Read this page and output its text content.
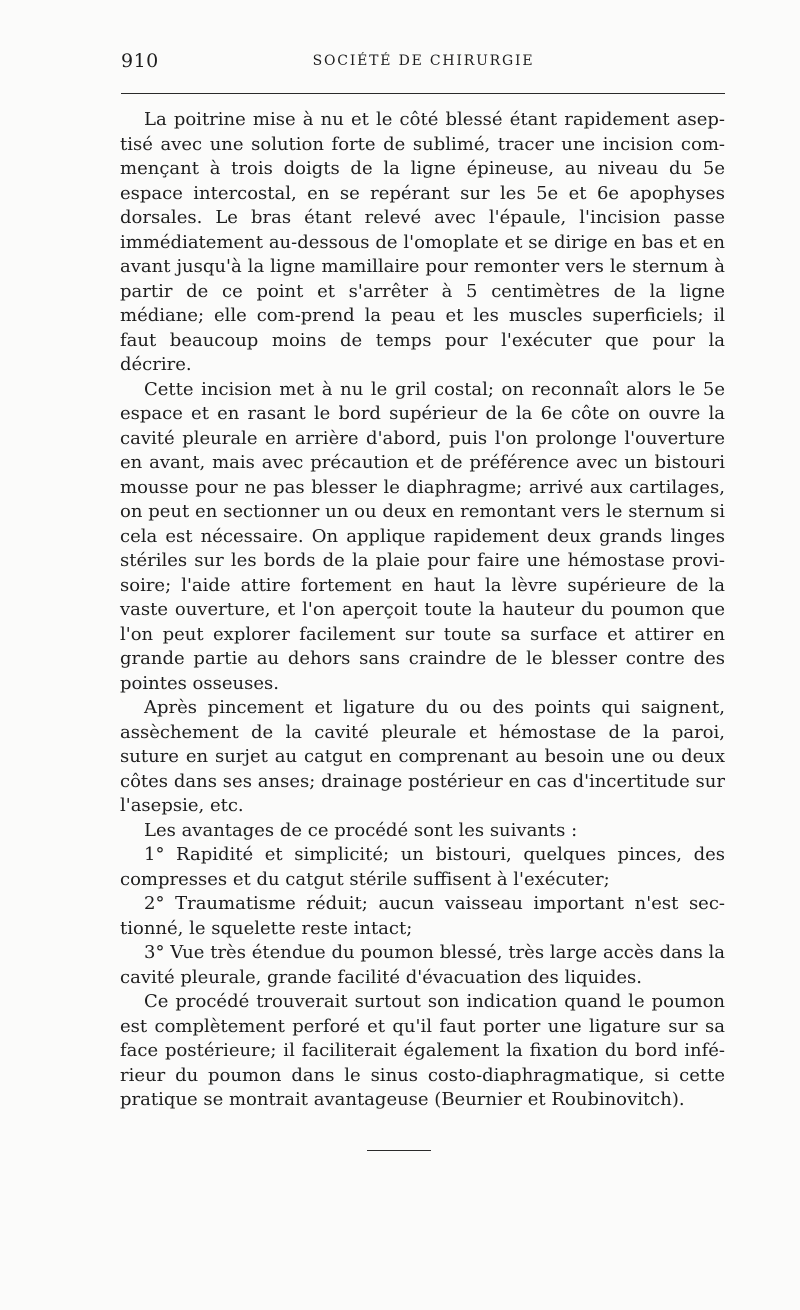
910	SOCIÉTÉ DE CHIRURGIE

La poitrine mise à nu et le côté blessé étant rapidement asep-tisé avec une solution forte de sublimé, tracer une incision com-mençant à trois doigts de la ligne épineuse, au niveau du 5e espace intercostal, en se repérant sur les 5e et 6e apophyses dorsales. Le bras étant relevé avec l'épaule, l'incision passe immédiatement au-dessous de l'omoplate et se dirige en bas et en avant jusqu'à la ligne mamillaire pour remonter vers le sternum à partir de ce point et s'arrêter à 5 centimètres de la ligne médiane; elle com-prend la peau et les muscles superficiels; il faut beaucoup moins de temps pour l'exécuter que pour la décrire.

Cette incision met à nu le gril costal; on reconnaît alors le 5e espace et en rasant le bord supérieur de la 6e côte on ouvre la cavité pleurale en arrière d'abord, puis l'on prolonge l'ouverture en avant, mais avec précaution et de préférence avec un bistouri mousse pour ne pas blesser le diaphragme; arrivé aux cartilages, on peut en sectionner un ou deux en remontant vers le sternum si cela est nécessaire. On applique rapidement deux grands linges stériles sur les bords de la plaie pour faire une hémostase provi-soire; l'aide attire fortement en haut la lèvre supérieure de la vaste ouverture, et l'on aperçoit toute la hauteur du poumon que l'on peut explorer facilement sur toute sa surface et attirer en grande partie au dehors sans craindre de le blesser contre des pointes osseuses.

Après pincement et ligature du ou des points qui saignent, assèchement de la cavité pleurale et hémostase de la paroi, suture en surjet au catgut en comprenant au besoin une ou deux côtes dans ses anses; drainage postérieur en cas d'incertitude sur l'asepsie, etc.

Les avantages de ce procédé sont les suivants :

1° Rapidité et simplicité; un bistouri, quelques pinces, des compresses et du catgut stérile suffisent à l'exécuter;

2° Traumatisme réduit; aucun vaisseau important n'est sec-tionné, le squelette reste intact;

3° Vue très étendue du poumon blessé, très large accès dans la cavité pleurale, grande facilité d'évacuation des liquides.

Ce procédé trouverait surtout son indication quand le poumon est complètement perforé et qu'il faut porter une ligature sur sa face postérieure; il faciliterait également la fixation du bord infé-rieur du poumon dans le sinus costo-diaphragmatique, si cette pratique se montrait avantageuse (Beurnier et Roubinovitch).
